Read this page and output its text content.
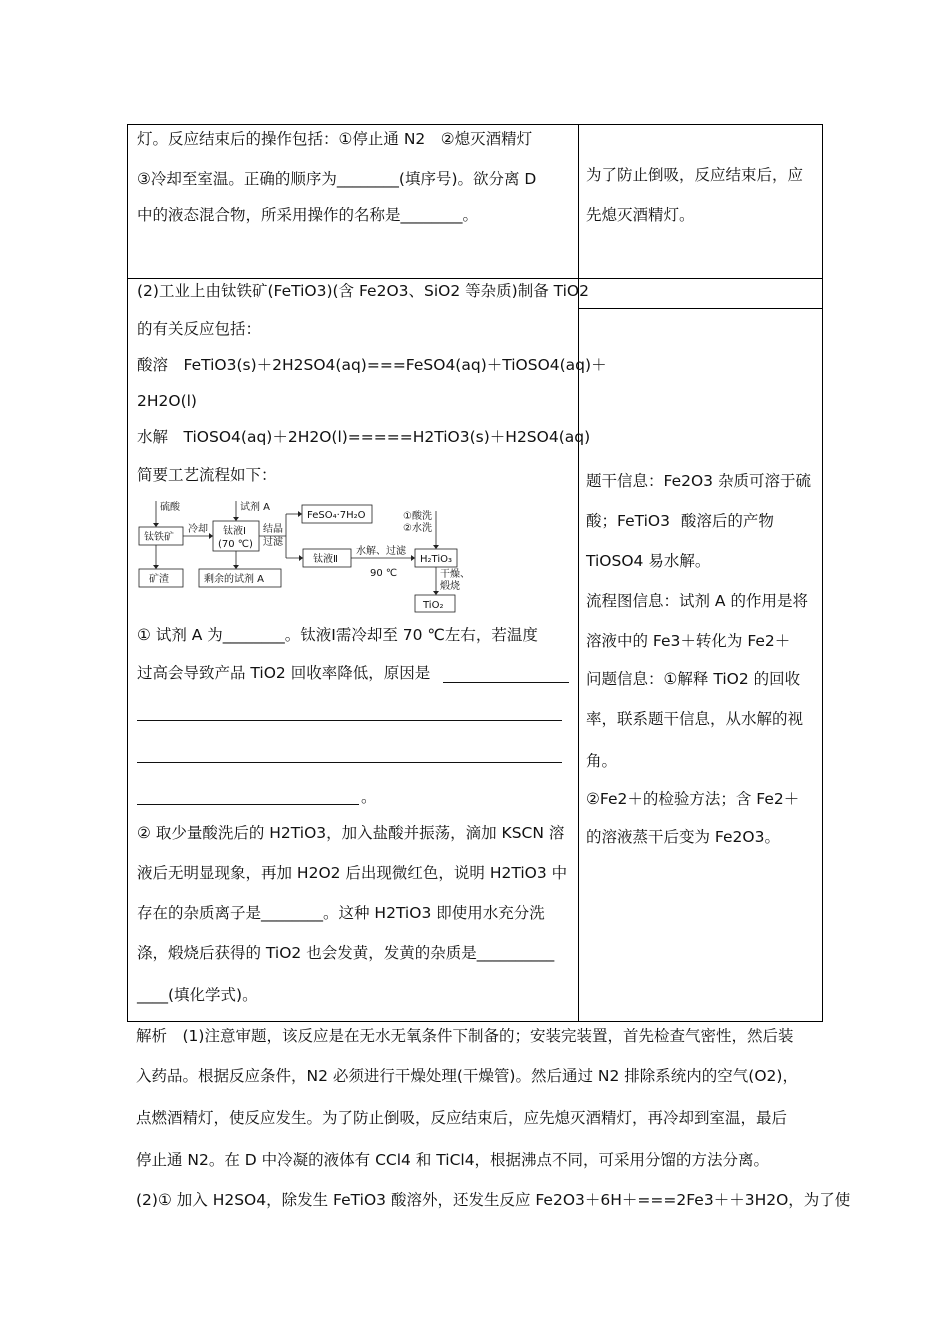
灯。反应结束后的操作包括：①停止通 N2　②熄灭酒精灯
③冷却至室温。正确的顺序为________(填序号)。欲分离 D
中的液态混合物，所采用操作的名称是________。
为了防止倒吸，反应结束后，应
先熄灭酒精灯。
(2)工业上由钛铁矿(FeTiO3)(含 Fe2O3、SiO2 等杂质)制备 TiO2
的有关反应包括：
酸溶　FeTiO3(s)＋2H2SO4(aq)===FeSO4(aq)＋TiOSO4(aq)＋
2H2O(l)
水解　TiOSO4(aq)＋2H2O(l)=====H2TiO3(s)＋H2SO4(aq)
简要工艺流程如下：
硫酸
冷却
试剂 A
结晶
过滤
①酸洗
②水洗
水解、过滤
90 ℃	干燥、
煅烧
钛铁矿
钛液Ⅰ
(70 ℃)
FeSO₄·7H₂O
钛液Ⅱ	H₂TiO₃
矿渣	剩余的试剂 A
TiO₂
① 试剂 A 为________。钛液Ⅰ需冷却至 70 ℃左右，若温度
过高会导致产品 TiO2 回收率降低，原因是
。
② 取少量酸洗后的 H2TiO3，加入盐酸并振荡，滴加 KSCN 溶
液后无明显现象，再加 H2O2 后出现微红色，说明 H2TiO3 中
存在的杂质离子是________。这种 H2TiO3 即使用水充分洗
涤，煅烧后获得的 TiO2 也会发黄，发黄的杂质是__________
____(填化学式)。
题干信息：Fe2O3 杂质可溶于硫
酸；FeTiO3 酸溶后的产物
TiOSO4 易水解。
流程图信息：试剂 A 的作用是将
溶液中的 Fe3＋转化为 Fe2＋
问题信息：①解释 TiO2 的回收
率，联系题干信息，从水解的视
角。
②Fe2＋的检验方法；含 Fe2＋
的溶液蒸干后变为 Fe2O3。
解析　(1)注意审题，该反应是在无水无氧条件下制备的；安装完装置，首先检查气密性，然后装
入药品。根据反应条件，N2 必须进行干燥处理(干燥管)。然后通过 N2 排除系统内的空气(O2)，
点燃酒精灯，使反应发生。为了防止倒吸，反应结束后，应先熄灭酒精灯，再冷却到室温，最后
停止通 N2。在 D 中冷凝的液体有 CCl4 和 TiCl4，根据沸点不同，可采用分馏的方法分离。
(2)① 加入 H2SO4，除发生 FeTiO3 酸溶外，还发生反应 Fe2O3＋6H＋===2Fe3＋＋3H2O，为了使
